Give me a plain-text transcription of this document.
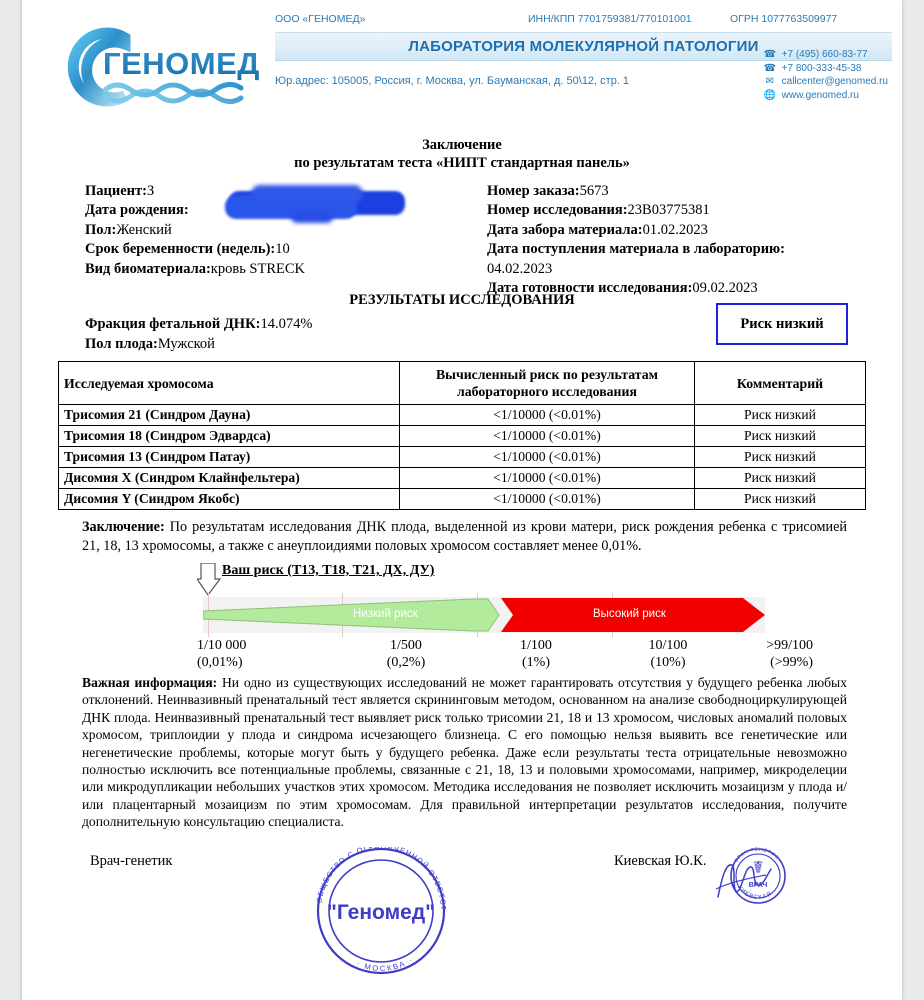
ГЕНОМЕД
ООО «ГЕНОМЕД»	ИНН/КПП 7701759381/770101001	ОГРН 1077763509977
ЛАБОРАТОРИЯ МОЛЕКУЛЯРНОЙ ПАТОЛОГИИ
Юр.адрес: 105005, Россия, г. Москва, ул. Бауманская, д. 50\12, стр. 1
☎ +7 (495) 660-83-77
☎ +7 800-333-45-38
✉ callcenter@genomed.ru
🌐 www.genomed.ru
Заключение
по результатам теста «НИПТ стандартная панель»
Пациент:З
Дата рождения:
Пол:Женский
Срок беременности (недель):10
Вид биоматериала:кровь STRECK
Номер заказа:5673
Номер исследования:23B03775381
Дата забора материала:01.02.2023
Дата поступления материала в лабораторию:
04.02.2023
Дата готовности исследования:09.02.2023
РЕЗУЛЬТАТЫ ИССЛЕДОВАНИЯ
Фракция фетальной ДНК:14.074%
Пол плода:Мужской
Риск низкий
Исследуемая хромосома	Вычисленный риск по результатам лабораторного исследования	Комментарий
Трисомия 21 (Синдром Дауна)	<1/10000 (<0.01%)	Риск низкий
Трисомия 18 (Синдром Эдвардса)	<1/10000 (<0.01%)	Риск низкий
Трисомия 13 (Синдром Патау)	<1/10000 (<0.01%)	Риск низкий
Дисомия X (Синдром Клайнфельтера)	<1/10000 (<0.01%)	Риск низкий
Дисомия Y (Синдром Якобс)	<1/10000 (<0.01%)	Риск низкий
Заключение: По результатам исследования ДНК плода, выделенной из крови матери, риск рождения ребенка с трисомией 21, 18, 13 хромосомы, а также с анеуплоидиями половых хромосом составляет менее 0,01%.
Ваш риск (Т13, Т18, Т21, ДХ, ДУ)
Низкий риск	Высокий риск
1/10 000
(0,01%)
1/500
(0,2%)
1/100
(1%)
10/100
(10%)
>99/100
(>99%)
Важная информация: Ни одно из существующих исследований не может гарантировать отсутствия у будущего ребенка любых отклонений. Неинвазивный пренатальный тест является скрининговым методом, основанном на анализе свободноциркулирующей ДНК плода. Неинвазивный пренатальный тест выявляет риск только трисомии 21, 18 и 13 хромосом, числовых аномалий половых хромосом, триплоидии у плода и синдрома исчезающего близнеца. С его помощью нельзя выявить все генетические или негенетические проблемы, которые могут быть у будущего ребенка. Даже если результаты теста отрицательные невозможно полностью исключить все потенциальные проблемы, связанные с 21, 18, 13 и половыми хромосомами, например, микроделеции или микродупликации небольших участков этих хромосом. Методика исследования не позволяет исключить мозаицизм у плода и/или плацентарный мозаицизм по этим хромосомам. Для правильной интерпретации результатов исследования, получите дополнительную консультацию специалиста.
Врач-генетик	Киевская Ю.К.
ОБЩЕСТВО С ОГР ИЧЕННОЙ ОТВЕТСТ
· МОСКВА ·
"Геномед"
· ВРАЧ-ГЕНЕТИК ·
КИЕВСКАЯ
☤
ВРАЧ
